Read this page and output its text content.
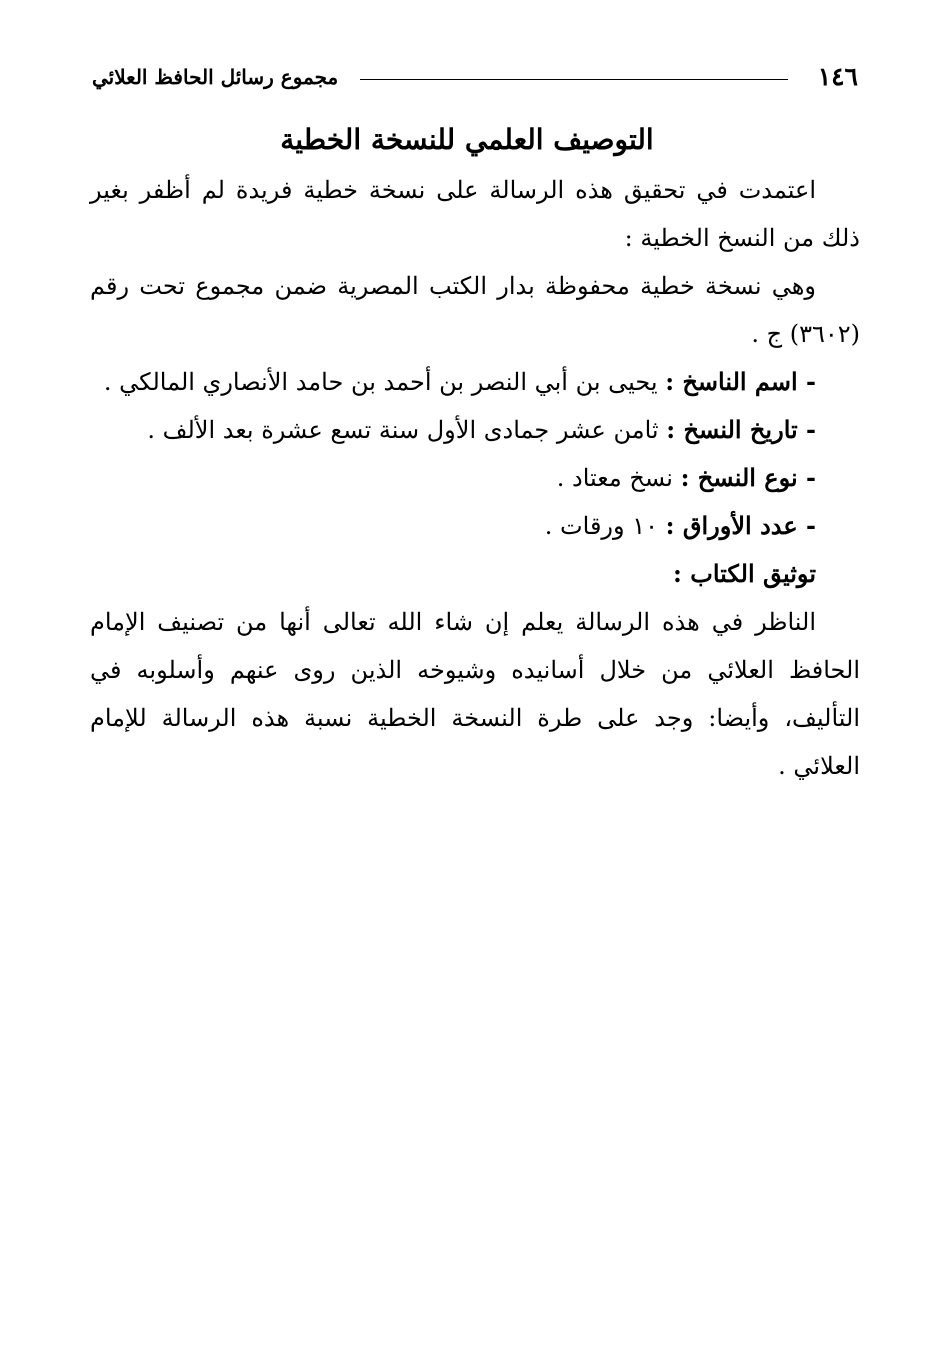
١٤٦
مجموع رسائل الحافظ العلائي
التوصيف العلمي للنسخة الخطية

اعتمدت في تحقيق هذه الرسالة على نسخة خطية فريدة لم أظفر بغير ذلك من النسخ الخطية :

وهي نسخة خطية محفوظة بدار الكتب المصرية ضمن مجموع تحت رقم (٣٦٠٢) ج .

- اسم الناسخ : يحيى بن أبي النصر بن أحمد بن حامد الأنصاري المالكي .

- تاريخ النسخ : ثامن عشر جمادى الأول سنة تسع عشرة بعد الألف .

- نوع النسخ : نسخ معتاد .

- عدد الأوراق : ١٠ ورقات .

توثيق الكتاب :

الناظر في هذه الرسالة يعلم إن شاء الله تعالى أنها من تصنيف الإمام الحافظ العلائي من خلال أسانيده وشيوخه الذين روى عنهم وأسلوبه في التأليف، وأيضا: وجد على طرة النسخة الخطية نسبة هذه الرسالة للإمام العلائي .
